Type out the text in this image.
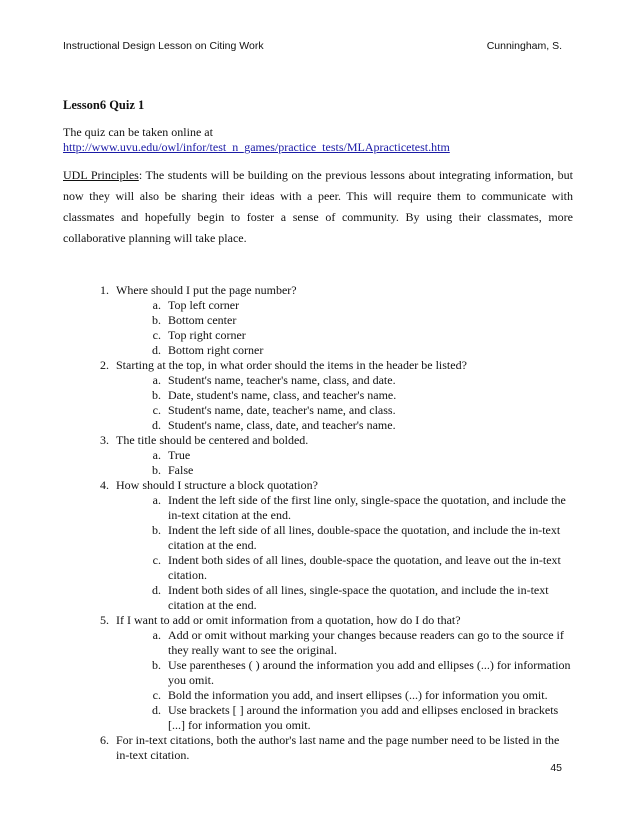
Instructional Design Lesson on Citing Work	Cunningham, S.
Lesson6 Quiz 1
The quiz can be taken online at
http://www.uvu.edu/owl/infor/test_n_games/practice_tests/MLApracticetest.htm
UDL Principles: The students will be building on the previous lessons about integrating information, but now they will also be sharing their ideas with a peer. This will require them to communicate with classmates and hopefully begin to foster a sense of community. By using their classmates, more collaborative planning will take place.
1. Where should I put the page number?
a. Top left corner
b. Bottom center
c. Top right corner
d. Bottom right corner
2. Starting at the top, in what order should the items in the header be listed?
a. Student's name, teacher's name, class, and date.
b. Date, student's name, class, and teacher's name.
c. Student's name, date, teacher's name, and class.
d. Student's name, class, date, and teacher's name.
3. The title should be centered and bolded.
a. True
b. False
4. How should I structure a block quotation?
a. Indent the left side of the first line only, single-space the quotation, and include the in-text citation at the end.
b. Indent the left side of all lines, double-space the quotation, and include the in-text citation at the end.
c. Indent both sides of all lines, double-space the quotation, and leave out the in-text citation.
d. Indent both sides of all lines, single-space the quotation, and include the in-text citation at the end.
5. If I want to add or omit information from a quotation, how do I do that?
a. Add or omit without marking your changes because readers can go to the source if they really want to see the original.
b. Use parentheses ( ) around the information you add and ellipses (...) for information you omit.
c. Bold the information you add, and insert ellipses (...) for information you omit.
d. Use brackets [ ] around the information you add and ellipses enclosed in brackets [...] for information you omit.
6. For in-text citations, both the author's last name and the page number need to be listed in the in-text citation.
45
